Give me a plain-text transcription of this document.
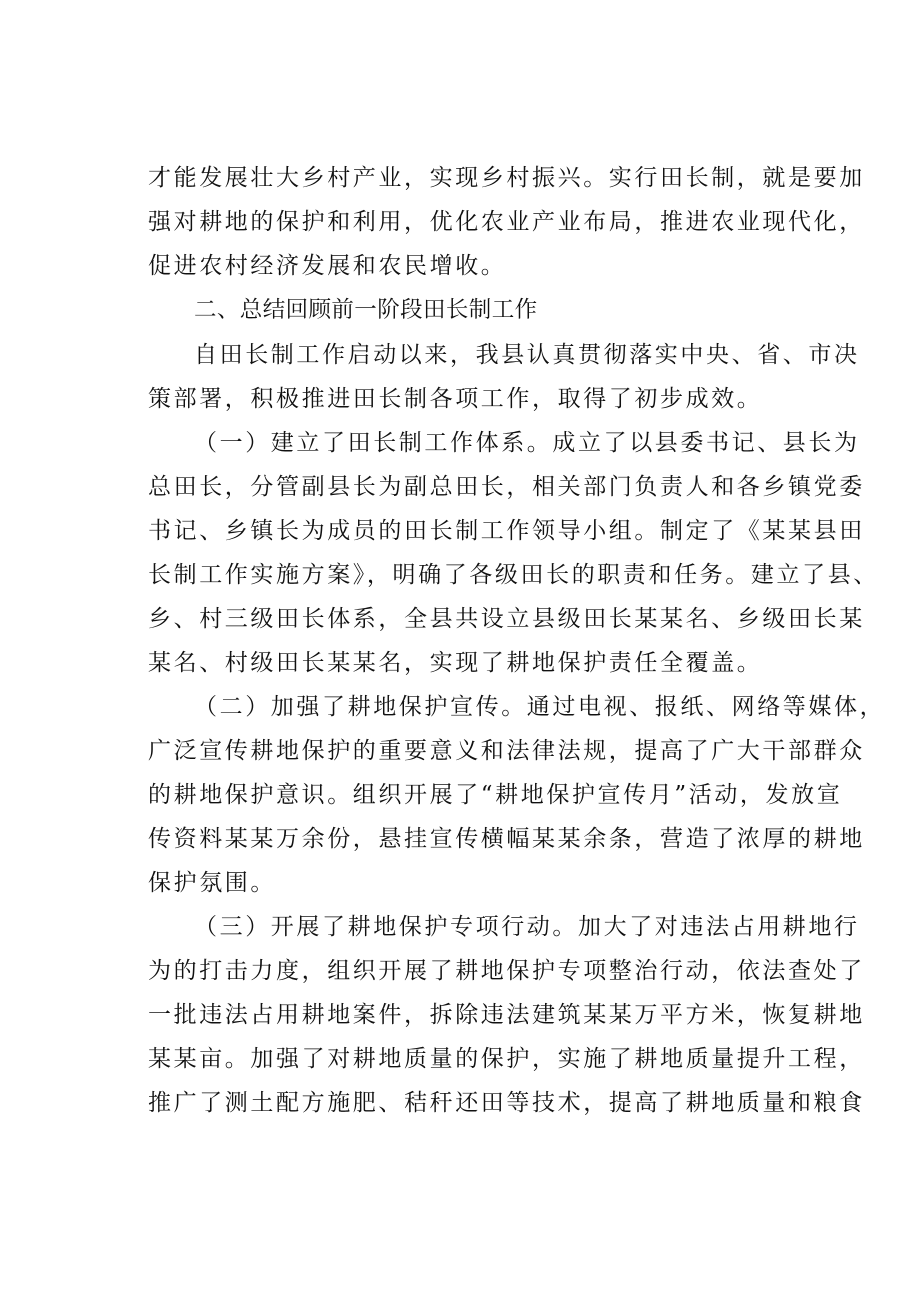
才能发展壮大乡村产业，实现乡村振兴。实行田长制，就是要加
强对耕地的保护和利用，优化农业产业布局，推进农业现代化，
促进农村经济发展和农民增收。
二、总结回顾前一阶段田长制工作
自田长制工作启动以来，我县认真贯彻落实中央、省、市决
策部署，积极推进田长制各项工作，取得了初步成效。
（一）建立了田长制工作体系。成立了以县委书记、县长为
总田长，分管副县长为副总田长，相关部门负责人和各乡镇党委
书记、乡镇长为成员的田长制工作领导小组。制定了《某某县田
长制工作实施方案》，明确了各级田长的职责和任务。建立了县、
乡、村三级田长体系，全县共设立县级田长某某名、乡级田长某
某名、村级田长某某名，实现了耕地保护责任全覆盖。
（二）加强了耕地保护宣传。通过电视、报纸、网络等媒体，
广泛宣传耕地保护的重要意义和法律法规，提高了广大干部群众
的耕地保护意识。组织开展了“耕地保护宣传月”活动，发放宣
传资料某某万余份，悬挂宣传横幅某某余条，营造了浓厚的耕地
保护氛围。
（三）开展了耕地保护专项行动。加大了对违法占用耕地行
为的打击力度，组织开展了耕地保护专项整治行动，依法查处了
一批违法占用耕地案件，拆除违法建筑某某万平方米，恢复耕地
某某亩。加强了对耕地质量的保护，实施了耕地质量提升工程，
推广了测土配方施肥、秸秆还田等技术，提高了耕地质量和粮食
